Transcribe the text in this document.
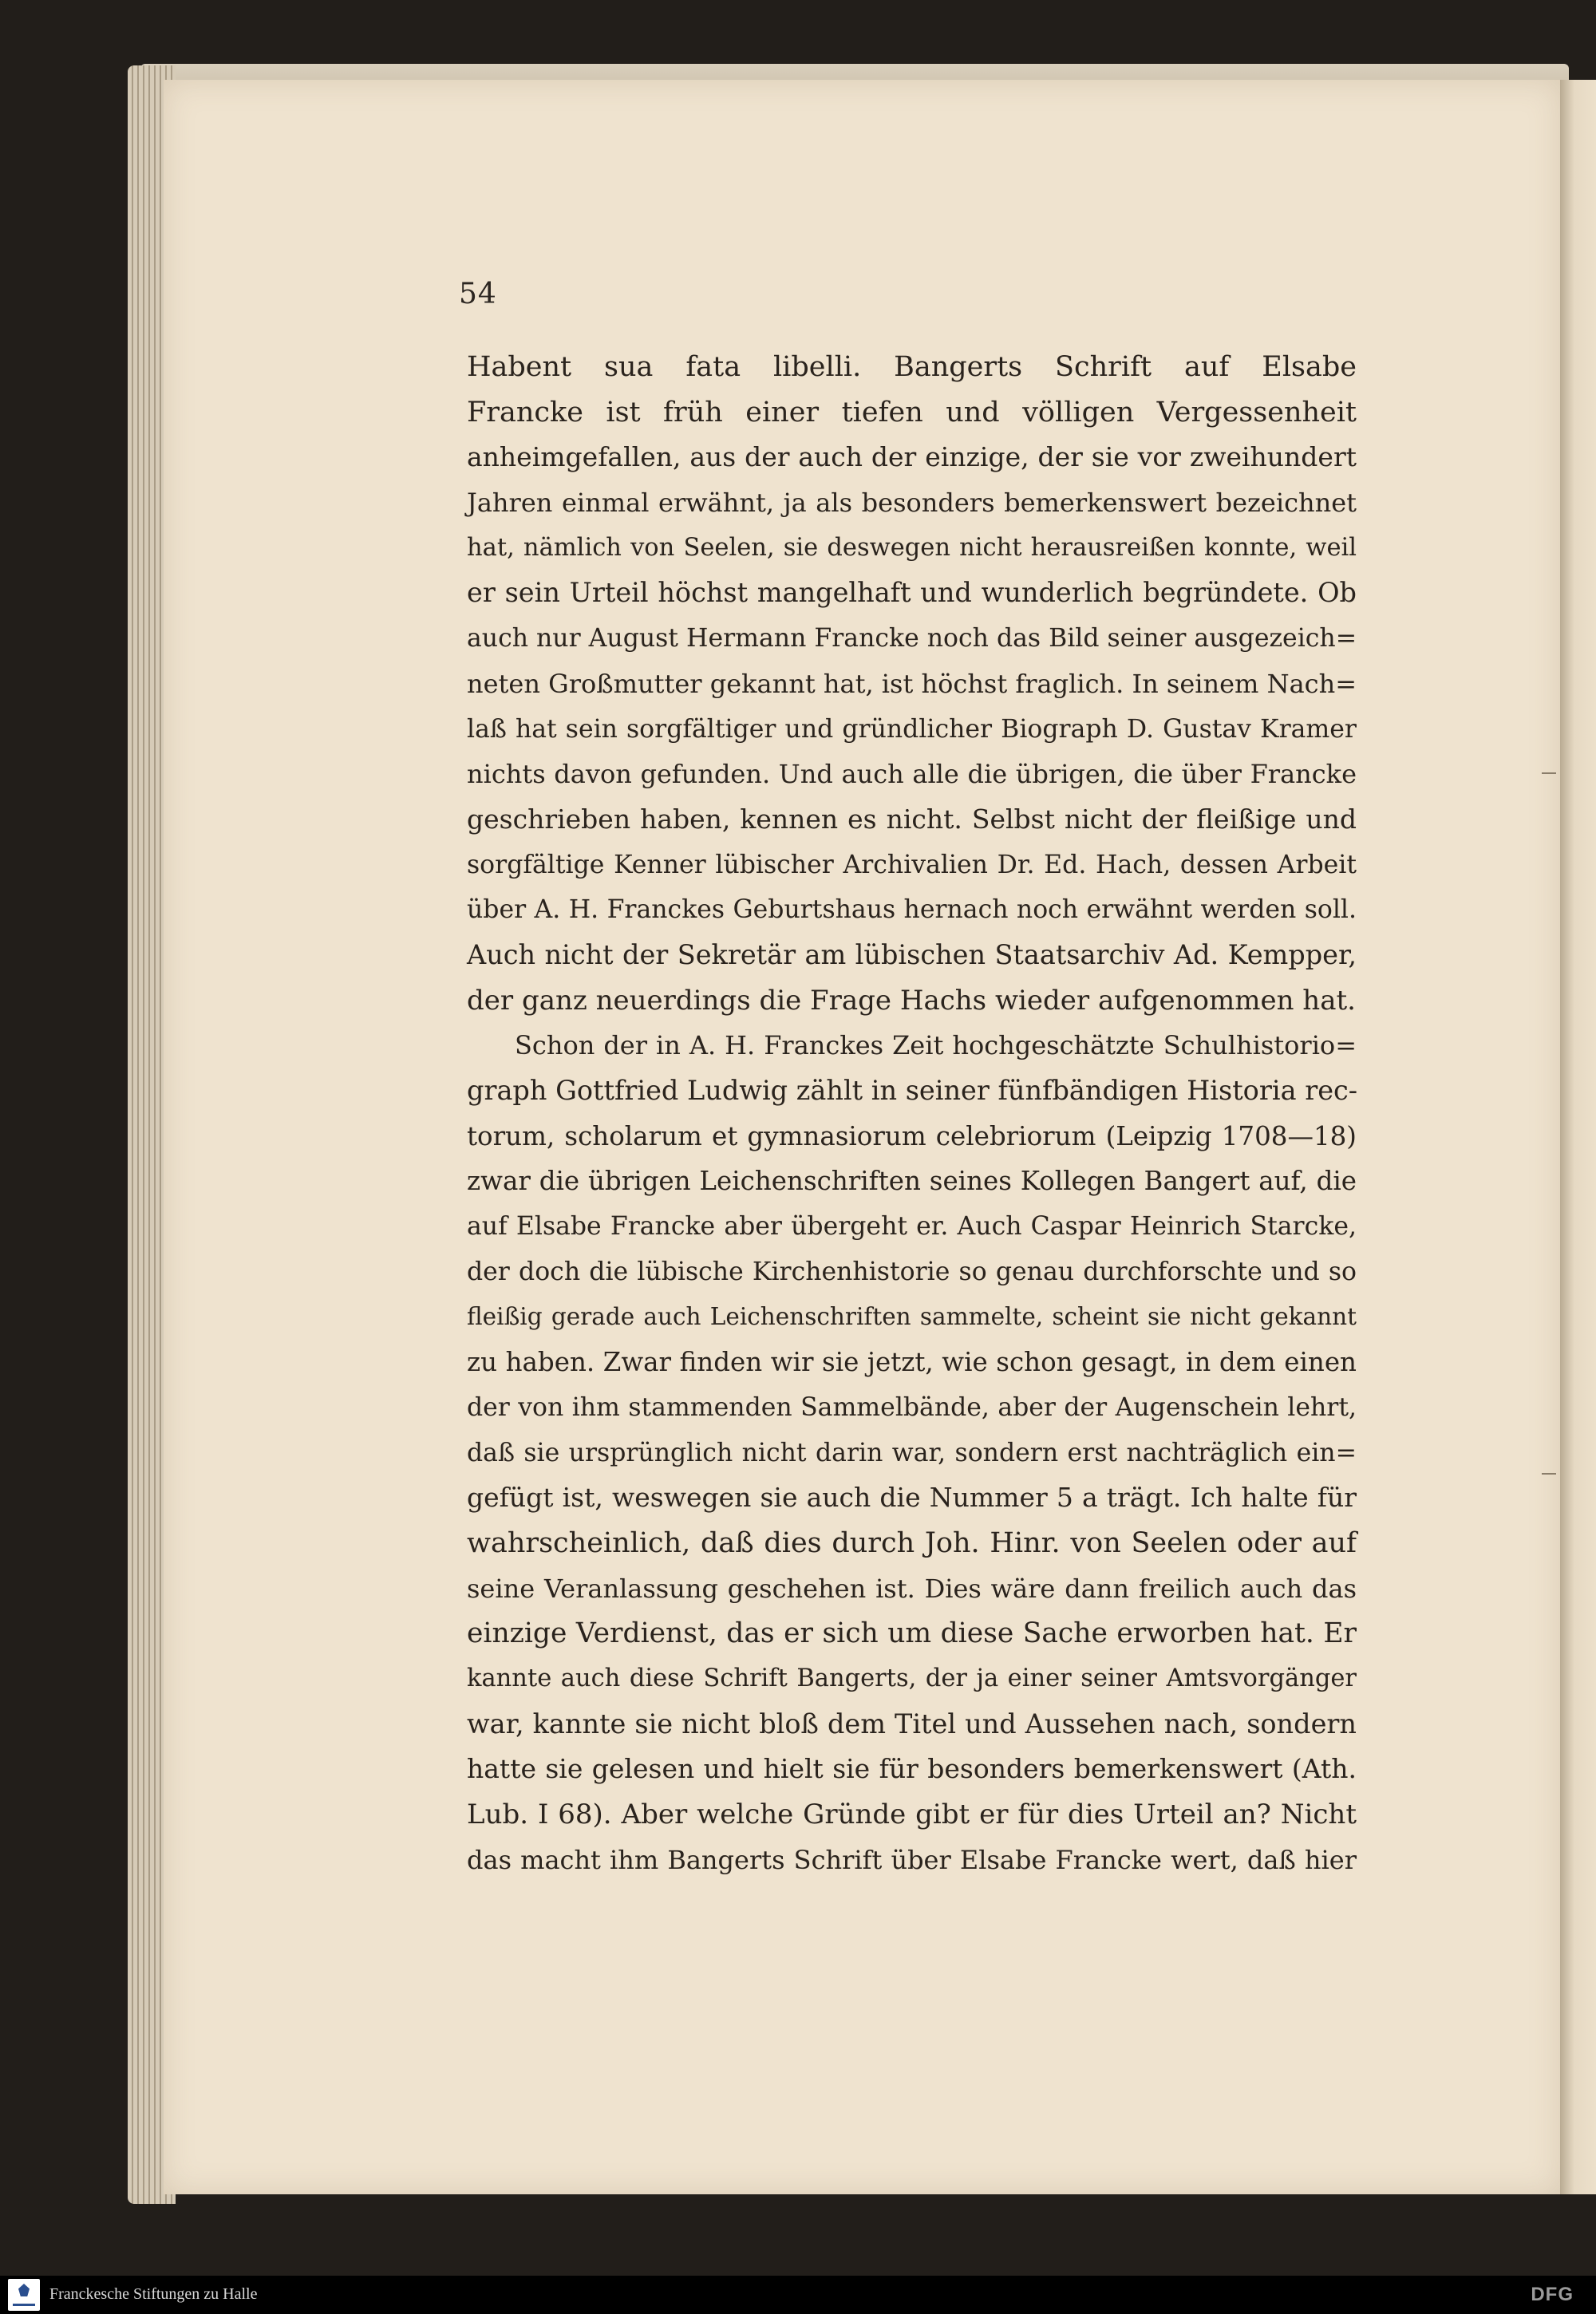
54
Habent sua fata libelli. Bangerts Schrift auf Elsabe
Francke ist früh einer tiefen und völligen Vergessenheit
anheimgefallen, aus der auch der einzige, der sie vor zweihundert
Jahren einmal erwähnt, ja als besonders bemerkenswert bezeichnet
hat, nämlich von Seelen, sie deswegen nicht herausreißen konnte, weil
er sein Urteil höchst mangelhaft und wunderlich begründete. Ob
auch nur August Hermann Francke noch das Bild seiner ausgezeich=
neten Großmutter gekannt hat, ist höchst fraglich. In seinem Nach=
laß hat sein sorgfältiger und gründlicher Biograph D. Gustav Kramer
nichts davon gefunden. Und auch alle die übrigen, die über Francke
geschrieben haben, kennen es nicht. Selbst nicht der fleißige und
sorgfältige Kenner lübischer Archivalien Dr. Ed. Hach, dessen Arbeit
über A. H. Franckes Geburtshaus hernach noch erwähnt werden soll.
Auch nicht der Sekretär am lübischen Staatsarchiv Ad. Kempper,
der ganz neuerdings die Frage Hachs wieder aufgenommen hat.
Schon der in A. H. Franckes Zeit hochgeschätzte Schulhistorio=
graph Gottfried Ludwig zählt in seiner fünfbändigen Historia rec-
torum, scholarum et gymnasiorum celebriorum (Leipzig 1708—18)
zwar die übrigen Leichenschriften seines Kollegen Bangert auf, die
auf Elsabe Francke aber übergeht er. Auch Caspar Heinrich Starcke,
der doch die lübische Kirchenhistorie so genau durchforschte und so
fleißig gerade auch Leichenschriften sammelte, scheint sie nicht gekannt
zu haben. Zwar finden wir sie jetzt, wie schon gesagt, in dem einen
der von ihm stammenden Sammelbände, aber der Augenschein lehrt,
daß sie ursprünglich nicht darin war, sondern erst nachträglich ein=
gefügt ist, weswegen sie auch die Nummer 5 a trägt. Ich halte für
wahrscheinlich, daß dies durch Joh. Hinr. von Seelen oder auf
seine Veranlassung geschehen ist. Dies wäre dann freilich auch das
einzige Verdienst, das er sich um diese Sache erworben hat. Er
kannte auch diese Schrift Bangerts, der ja einer seiner Amtsvorgänger
war, kannte sie nicht bloß dem Titel und Aussehen nach, sondern
hatte sie gelesen und hielt sie für besonders bemerkenswert (Ath.
Lub. I 68). Aber welche Gründe gibt er für dies Urteil an? Nicht
das macht ihm Bangerts Schrift über Elsabe Francke wert, daß hier
Franckesche Stiftungen zu Halle	DFG
